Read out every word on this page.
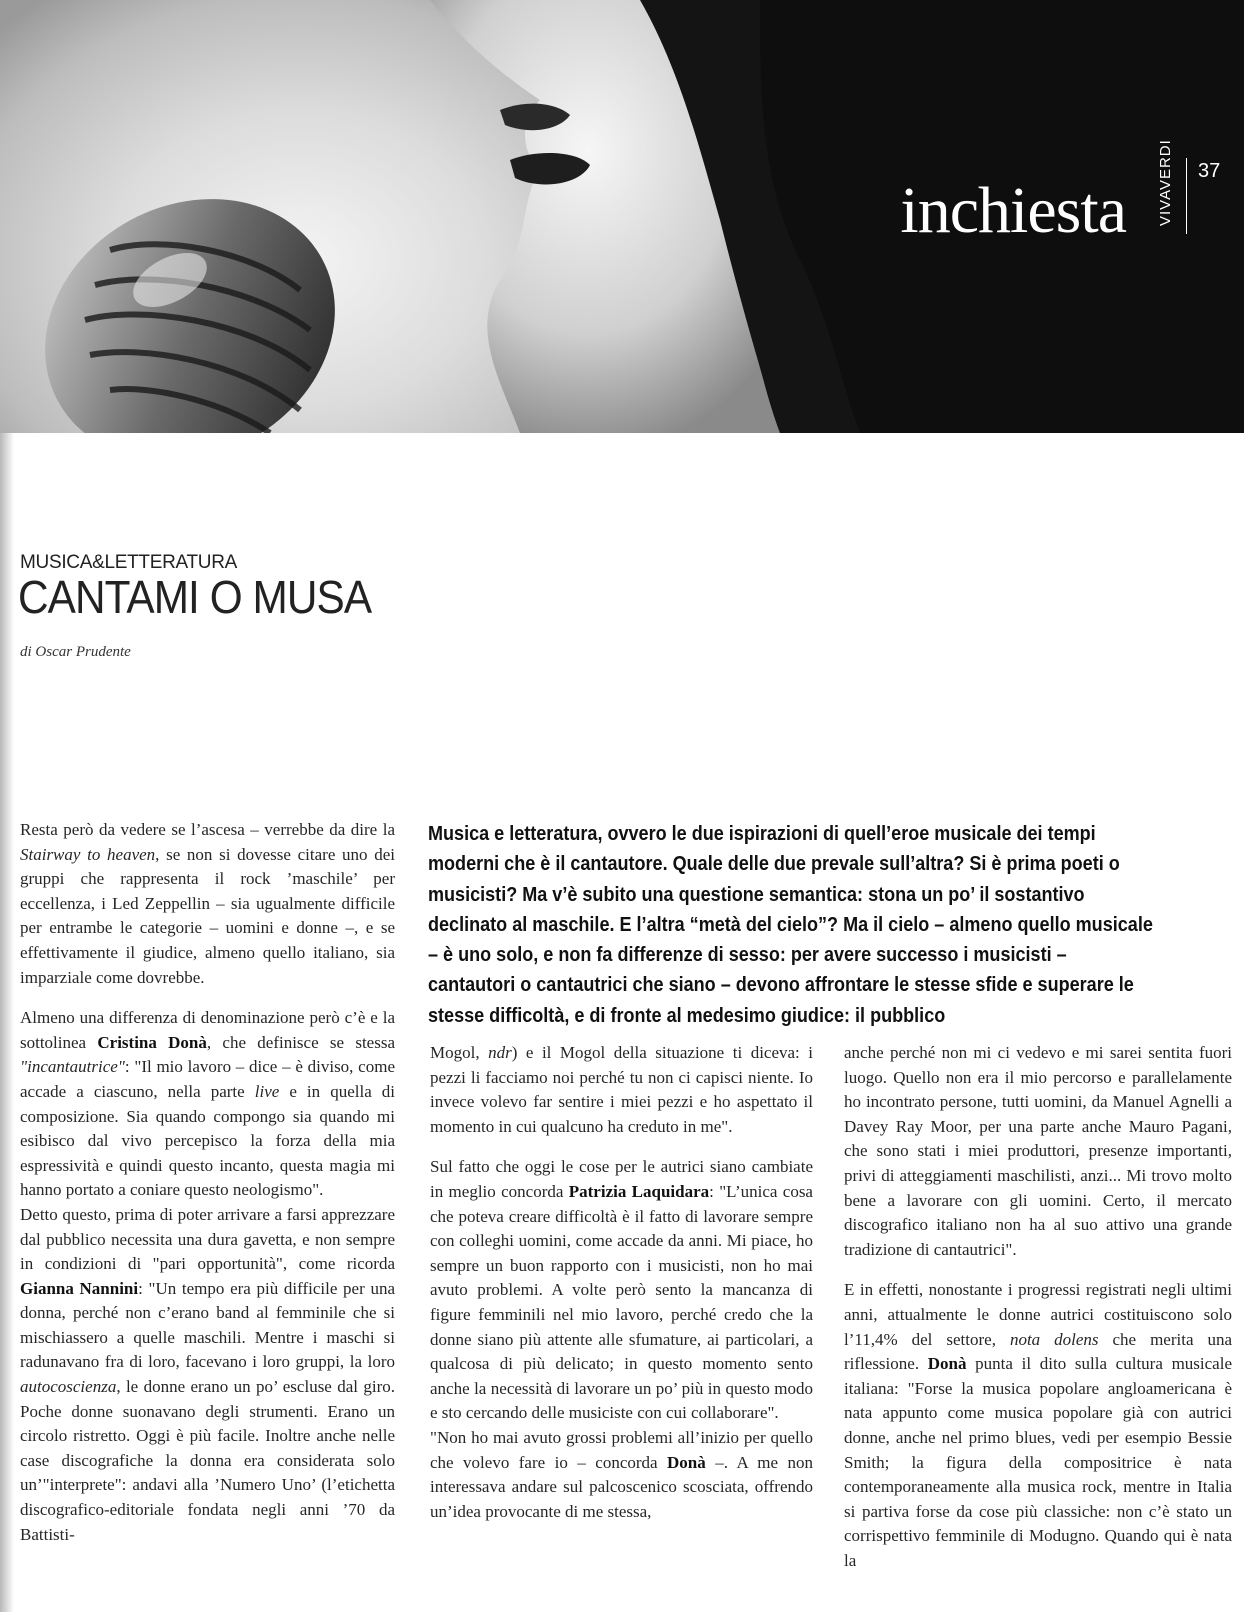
inchiesta VIVAVERDI 37
MUSICA&LETTERATURA
CANTAMI O MUSA
di Oscar Prudente
Musica e letteratura, ovvero le due ispirazioni di quell’eroe musicale dei tempi moderni che è il cantautore. Quale delle due prevale sull’altra? Si è prima poeti o musicisti? Ma v’è subito una questione semantica: stona un po’ il sostantivo declinato al maschile. E l’altra “metà del cielo”? Ma il cielo – almeno quello musicale – è uno solo, e non fa differenze di sesso: per avere successo i musicisti – cantautori o cantautrici che siano – devono affrontare le stesse sfide e superare le stesse difficoltà, e di fronte al medesimo giudice: il pubblico

Resta però da vedere se l’ascesa – verrebbe da dire la Stairway to heaven, se non si dovesse citare uno dei gruppi che rappresenta il rock ’maschile’ per eccellenza, i Led Zeppellin – sia ugualmente difficile per entrambe le categorie – uomini e donne –, e se effettivamente il giudice, almeno quello italiano, sia imparziale come dovrebbe.

Almeno una differenza di denominazione però c’è e la sottolinea Cristina Donà, che definisce se stessa "incantautrice": "Il mio lavoro – dice – è diviso, come accade a ciascuno, nella parte live e in quella di composizione. Sia quando compongo sia quando mi esibisco dal vivo percepisco la forza della mia espressività e quindi questo incanto, questa magia mi hanno portato a coniare questo neologismo".

Detto questo, prima di poter arrivare a farsi apprezzare dal pubblico necessita una dura gavetta, e non sempre in condizioni di "pari opportunità", come ricorda Gianna Nannini: "Un tempo era più difficile per una donna, perché non c’erano band al femminile che si mischiassero a quelle maschili. Mentre i maschi si radunavano fra di loro, facevano i loro gruppi, la loro autocoscienza, le donne erano un po’ escluse dal giro. Poche donne suonavano degli strumenti. Erano un circolo ristretto. Oggi è più facile. Inoltre anche nelle case discografiche la donna era considerata solo un’"interprete": andavi alla ’Numero Uno’ (l’etichetta discografico-editoriale fondata negli anni ’70 da Battisti-

Mogol, ndr) e il Mogol della situazione ti diceva: i pezzi li facciamo noi perché tu non ci capisci niente. Io invece volevo far sentire i miei pezzi e ho aspettato il momento in cui qualcuno ha creduto in me".

Sul fatto che oggi le cose per le autrici siano cambiate in meglio concorda Patrizia Laquidara: "L’unica cosa che poteva creare difficoltà è il fatto di lavorare sempre con colleghi uomini, come accade da anni. Mi piace, ho sempre un buon rapporto con i musicisti, non ho mai avuto problemi. A volte però sento la mancanza di figure femminili nel mio lavoro, perché credo che la donne siano più attente alle sfumature, ai particolari, a qualcosa di più delicato; in questo momento sento anche la necessità di lavorare un po’ più in questo modo e sto cercando delle musiciste con cui collaborare".

"Non ho mai avuto grossi problemi all’inizio per quello che volevo fare io – concorda Donà –. A me non interessava andare sul palcoscenico scosciata, offrendo un’idea provocante di me stessa,

anche perché non mi ci vedevo e mi sarei sentita fuori luogo. Quello non era il mio percorso e parallelamente ho incontrato persone, tutti uomini, da Manuel Agnelli a Davey Ray Moor, per una parte anche Mauro Pagani, che sono stati i miei produttori, presenze importanti, privi di atteggiamenti maschilisti, anzi... Mi trovo molto bene a lavorare con gli uomini. Certo, il mercato discografico italiano non ha al suo attivo una grande tradizione di cantautrici".

E in effetti, nonostante i progressi registrati negli ultimi anni, attualmente le donne autrici costituiscono solo l’11,4% del settore, nota dolens che merita una riflessione. Donà punta il dito sulla cultura musicale italiana: "Forse la musica popolare angloamericana è nata appunto come musica popolare già con autrici donne, anche nel primo blues, vedi per esempio Bessie Smith; la figura della compositrice è nata contemporaneamente alla musica rock, mentre in Italia si partiva forse da cose più classiche: non c’è stato un corrispettivo femminile di Modugno. Quando qui è nata la
